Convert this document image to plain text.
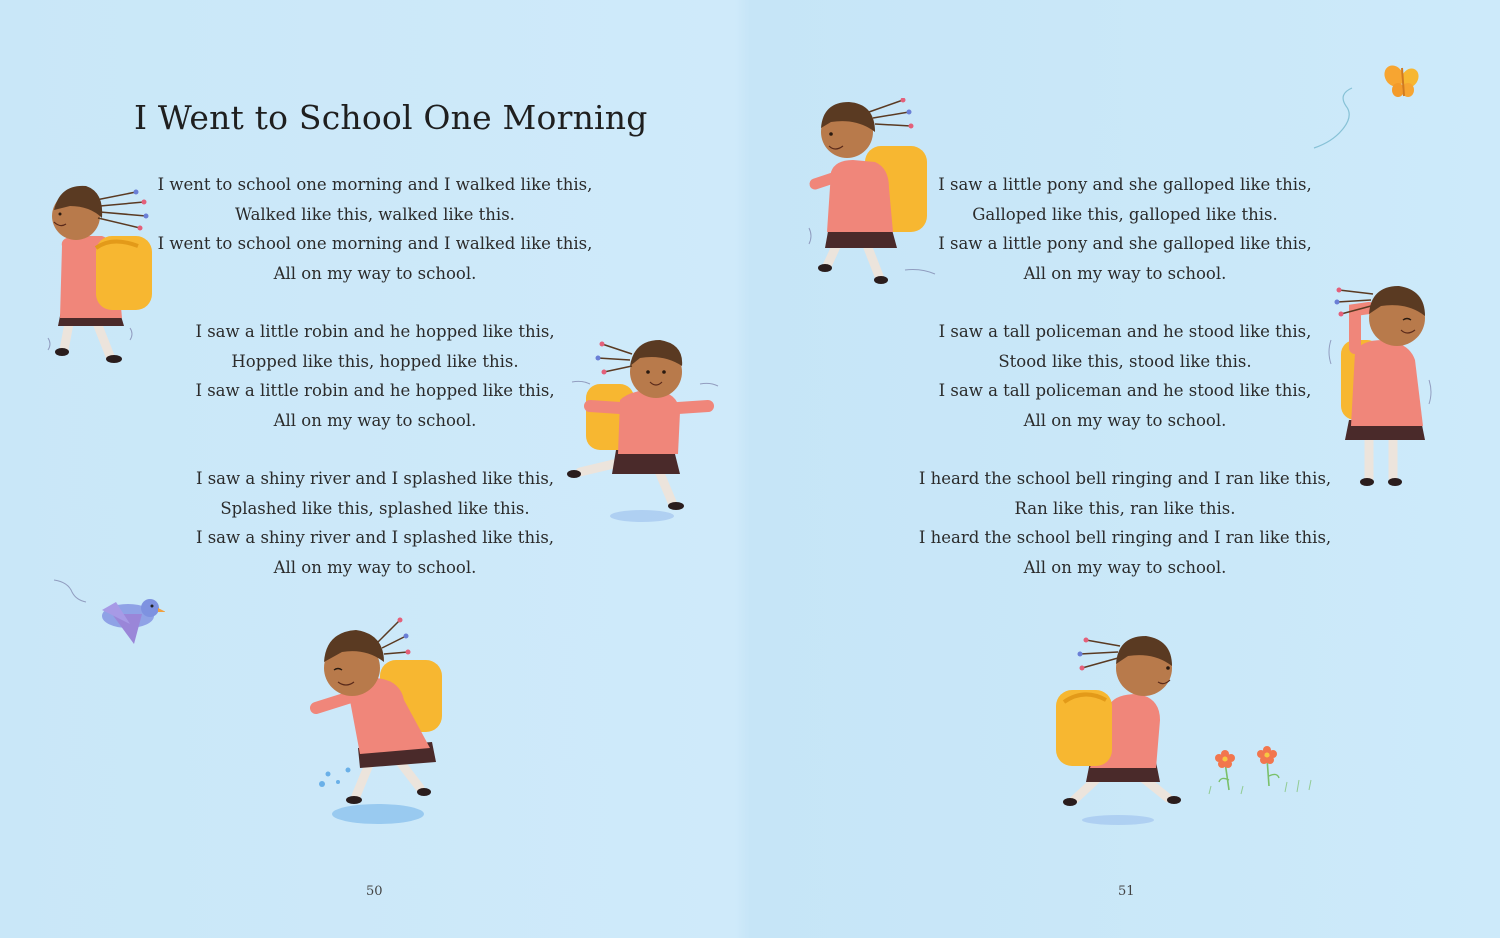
I Went to School One Morning
I went to school one morning and I walked like this,
Walked like this, walked like this.
I went to school one morning and I walked like this,
All on my way to school.
I saw a little robin and he hopped like this,
Hopped like this, hopped like this.
I saw a little robin and he hopped like this,
All on my way to school.
I saw a shiny river and I splashed like this,
Splashed like this, splashed like this.
I saw a shiny river and I splashed like this,
All on my way to school.
50
I saw a little pony and she galloped like this,
Galloped like this, galloped like this.
I saw a little pony and she galloped like this,
All on my way to school.
I saw a tall policeman and he stood like this,
Stood like this, stood like this.
I saw a tall policeman and he stood like this,
All on my way to school.
I heard the school bell ringing and I ran like this,
Ran like this, ran like this.
I heard the school bell ringing and I ran like this,
All on my way to school.
51
